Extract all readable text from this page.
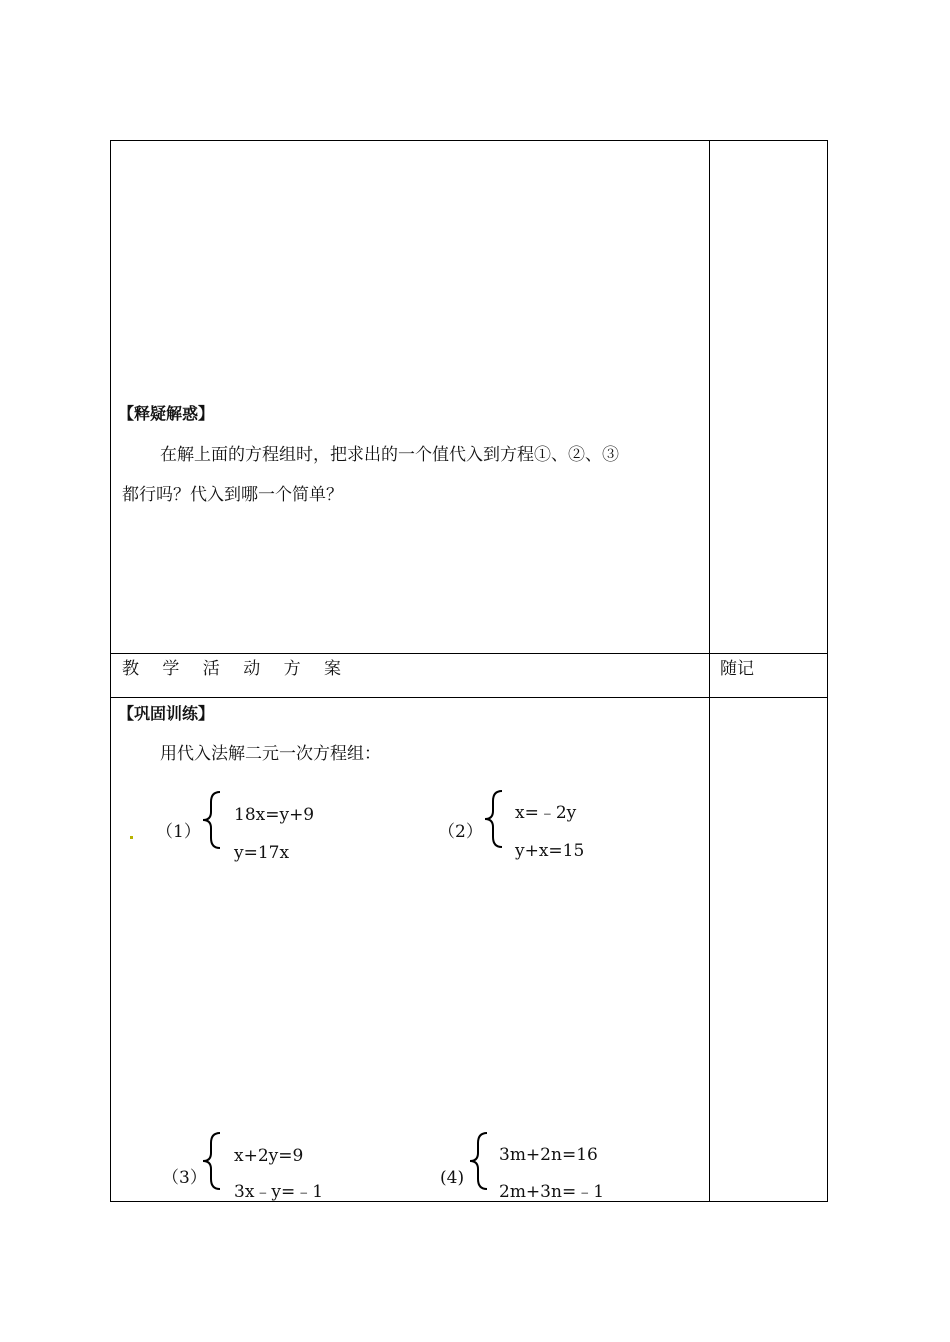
【释疑解惑】
在解上面的方程组时，把求出的一个值代入到方程①、②、③
都行吗？代入到哪一个简单？
教 学 活 动 方 案	随记
【巩固训练】
用代入法解二元一次方程组：
（1）
18x=y+9
y=17x
（2）
x=﹣2y
y+x=15
（3）
x+2y=9
3x﹣y=﹣1
(4)
3m+2n=16
2m+3n=﹣1
